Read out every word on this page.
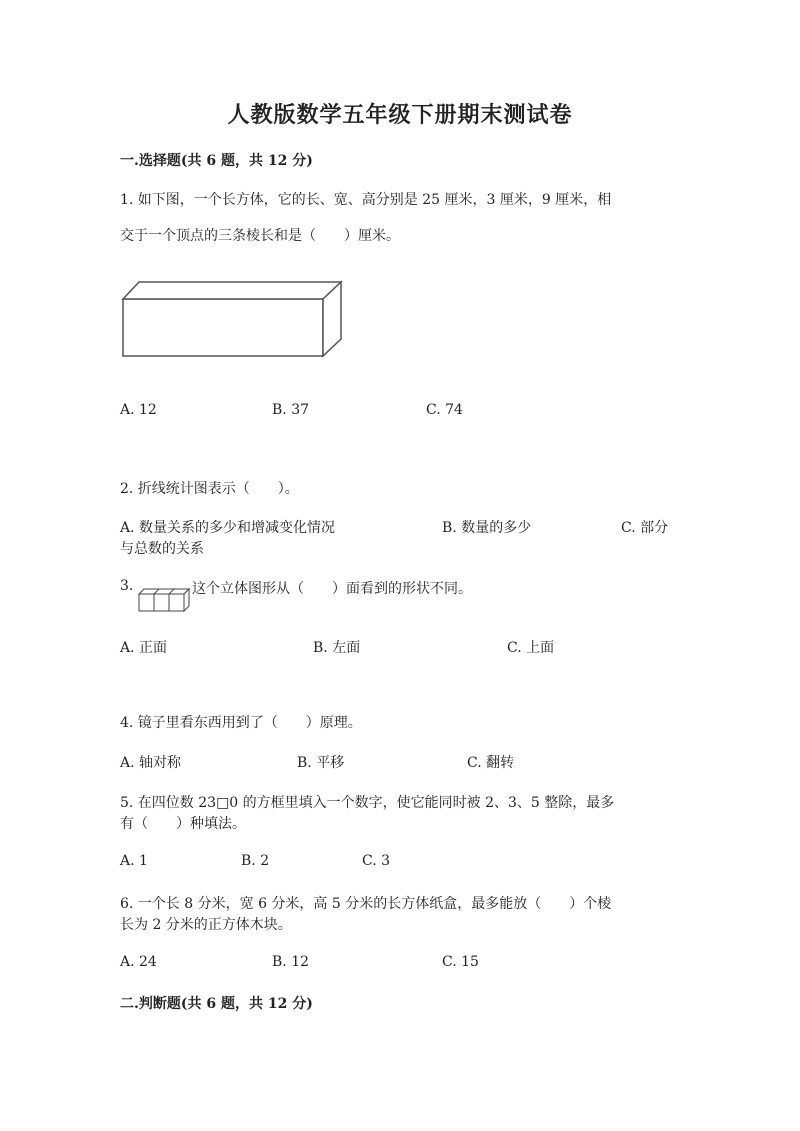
人教版数学五年级下册期末测试卷
一.选择题(共 6 题，共 12 分)
1. 如下图，一个长方体，它的长、宽、高分别是 25 厘米，3 厘米，9 厘米，相
交于一个顶点的三条棱长和是（　　）厘米。
A. 12	B. 37	C. 74
2. 折线统计图表示（　　）。
A. 数量关系的多少和增减变化情况	B. 数量的多少	C. 部分
与总数的关系
3.	这个立体图形从（　　）面看到的形状不同。
A. 正面	B. 左面	C. 上面
4. 镜子里看东西用到了（　　）原理。
A. 轴对称	B. 平移	C. 翻转
5. 在四位数 23□0 的方框里填入一个数字，使它能同时被 2、3、5 整除，最多
有（　　）种填法。
A. 1	B. 2	C. 3
6. 一个长 8 分米，宽 6 分米，高 5 分米的长方体纸盒，最多能放（　　）个棱
长为 2 分米的正方体木块。
A. 24	B. 12	C. 15
二.判断题(共 6 题，共 12 分)
